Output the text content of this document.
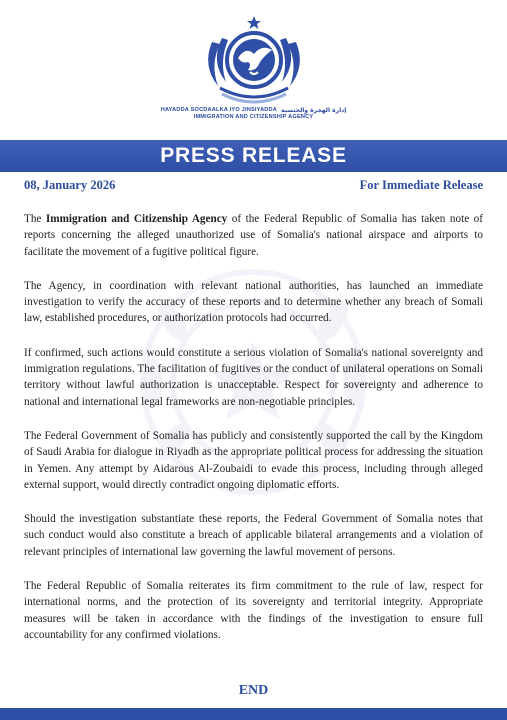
HAYADDA SOCDAALKA IYO JINSIYADDA إدارة الهجرة والجنسية
IMMIGRATION AND CITIZENSHIP AGENCY
PRESS RELEASE
08, January 2026	For Immediate Release

The Immigration and Citizenship Agency of the Federal Republic of Somalia has taken note of reports concerning the alleged unauthorized use of Somalia's national airspace and airports to facilitate the movement of a fugitive political figure.

The Agency, in coordination with relevant national authorities, has launched an immediate investigation to verify the accuracy of these reports and to determine whether any breach of Somali law, established procedures, or authorization protocols had occurred.

If confirmed, such actions would constitute a serious violation of Somalia's national sovereignty and immigration regulations. The facilitation of fugitives or the conduct of unilateral operations on Somali territory without lawful authorization is unacceptable. Respect for sovereignty and adherence to national and international legal frameworks are non-negotiable principles.

The Federal Government of Somalia has publicly and consistently supported the call by the Kingdom of Saudi Arabia for dialogue in Riyadh as the appropriate political process for addressing the situation in Yemen. Any attempt by Aidarous Al-Zoubaidi to evade this process, including through alleged external support, would directly contradict ongoing diplomatic efforts.

Should the investigation substantiate these reports, the Federal Government of Somalia notes that such conduct would also constitute a breach of applicable bilateral arrangements and a violation of relevant principles of international law governing the lawful movement of persons.

The Federal Republic of Somalia reiterates its firm commitment to the rule of law, respect for international norms, and the protection of its sovereignty and territorial integrity. Appropriate measures will be taken in accordance with the findings of the investigation to ensure full accountability for any confirmed violations.

END
